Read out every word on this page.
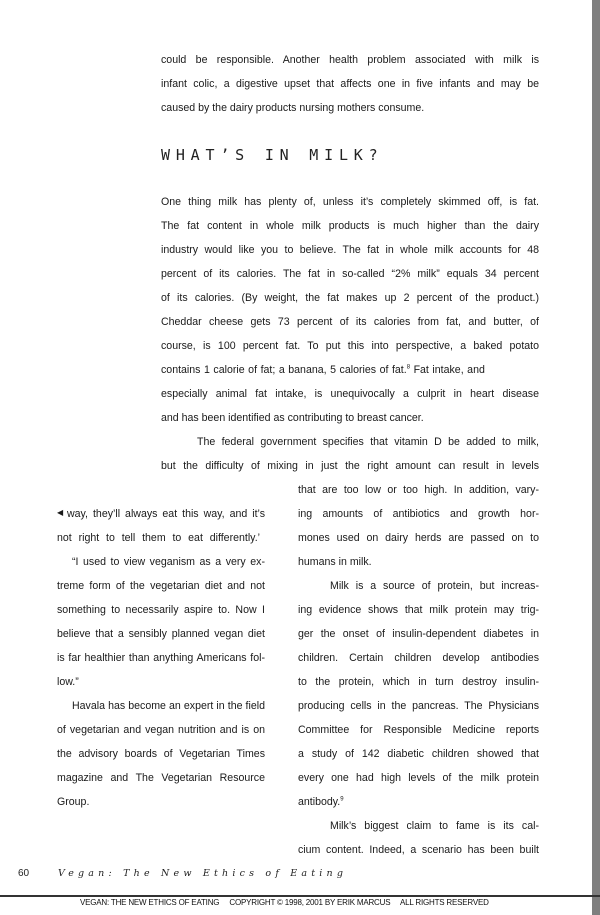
could be responsible. Another health problem associated with milk is

infant colic, a digestive upset that affects one in five infants and may be

caused by the dairy products nursing mothers consume.

WHAT’S IN MILK?

One thing milk has plenty of, unless it’s completely skimmed off, is fat.

The fat content in whole milk products is much higher than the dairy

industry would like you to believe. The fat in whole milk accounts for 48

percent of its calories. The fat in so-called “2% milk” equals 34 percent

of its calories. (By weight, the fat makes up 2 percent of the product.)

Cheddar cheese gets 73 percent of its calories from fat, and butter, of

course, is 100 percent fat. To put this into perspective, a baked potato

contains 1 calorie of fat; a banana, 5 calories of fat.$^8$ Fat intake, and

especially animal fat intake, is unequivocally a culprit in heart disease

and has been identified as contributing to breast cancer.

The federal government specifies that vitamin D be added to milk,

but the difficulty of mixing in just the right amount can result in levels

that are too low or too high. In addition, vary-

ing amounts of antibiotics and growth hor-

mones used on dairy herds are passed on to

humans in milk.

Milk is a source of protein, but increas-

ing evidence shows that milk protein may trig-

ger the onset of insulin-dependent diabetes in

children. Certain children develop antibodies

to the protein, which in turn destroy insulin-

producing cells in the pancreas. The Physicians

Committee for Responsible Medicine reports

a study of 142 diabetic children showed that

every one had high levels of the milk protein

antibody.$^9$

Milk’s biggest claim to fame is its cal-

cium content. Indeed, a scenario has been built

◀ way, they’ll always eat this way, and it’s

not right to tell them to eat differently.’

“I used to view veganism as a very ex-

treme form of the vegetarian diet and not

something to necessarily aspire to. Now I

believe that a sensibly planned vegan diet

is far healthier than anything Americans fol-

low.”

Havala has become an expert in the field

of vegetarian and vegan nutrition and is on

the advisory boards of Vegetarian Times

magazine and The Vegetarian Resource

Group.

60	Vegan: The New Ethics of Eating
VEGAN: THE NEW ETHICS OF EATING     COPYRIGHT © 1998, 2001 BY ERIK MARCUS     ALL RIGHTS RESERVED
